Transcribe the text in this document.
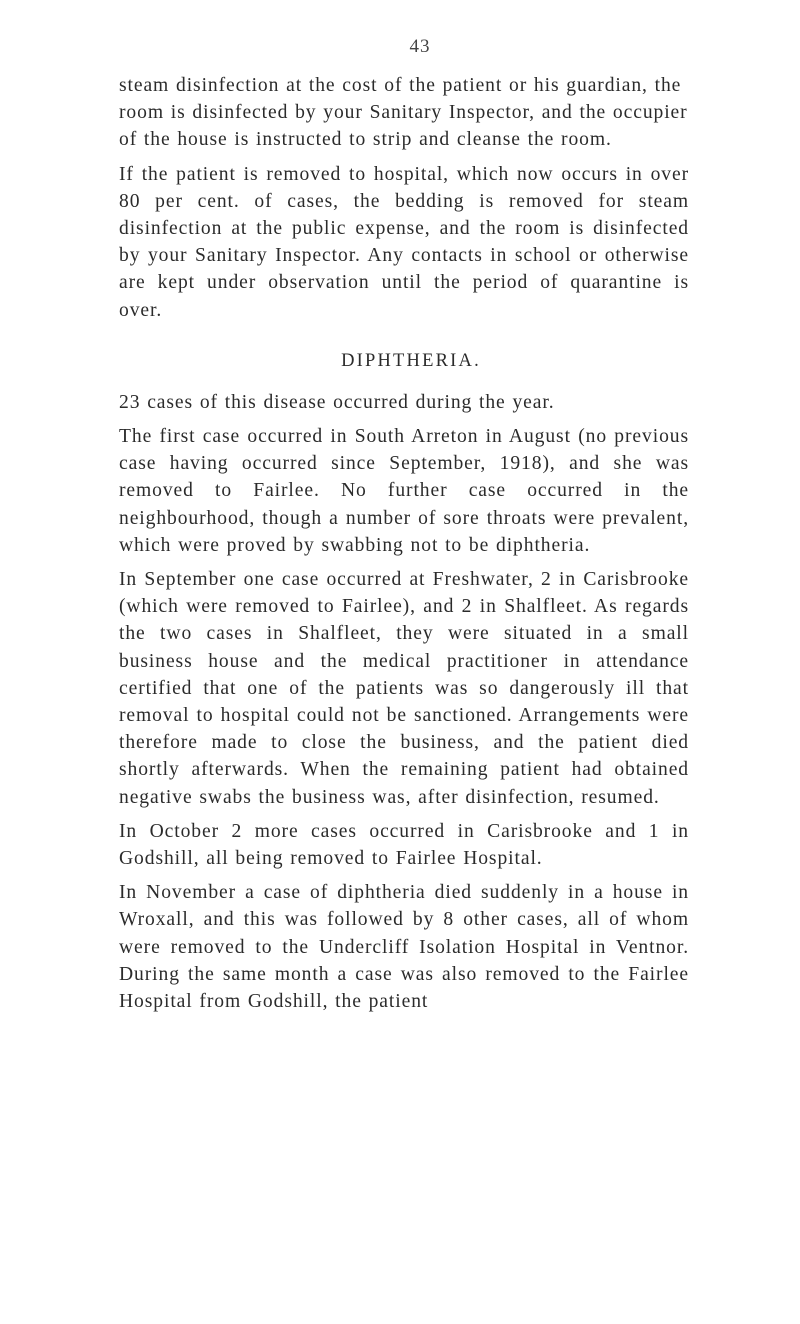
43

steam disinfection at the cost of the patient or his guardian, the room is disinfected by your Sanitary Inspector, and the occupier of the house is instructed to strip and cleanse the room.

If the patient is removed to hospital, which now occurs in over 80 per cent. of cases, the bedding is removed for steam disinfection at the public expense, and the room is disinfected by your Sanitary Inspector. Any contacts in school or otherwise are kept under observation until the period of quarantine is over.

DIPHTHERIA.

23 cases of this disease occurred during the year.

The first case occurred in South Arreton in August (no previous case having occurred since September, 1918), and she was removed to Fairlee. No further case occurred in the neighbourhood, though a number of sore throats were prevalent, which were proved by swabbing not to be diphtheria.

In September one case occurred at Freshwater, 2 in Carisbrooke (which were removed to Fairlee), and 2 in Shalfleet. As regards the two cases in Shalfleet, they were situated in a small business house and the medical practitioner in attendance certified that one of the patients was so dangerously ill that removal to hospital could not be sanctioned. Arrangements were therefore made to close the business, and the patient died shortly afterwards. When the remaining patient had obtained negative swabs the business was, after disinfection, resumed.

In October 2 more cases occurred in Carisbrooke and 1 in Godshill, all being removed to Fairlee Hospital.

In November a case of diphtheria died suddenly in a house in Wroxall, and this was followed by 8 other cases, all of whom were removed to the Undercliff Isolation Hospital in Ventnor. During the same month a case was also removed to the Fairlee Hospital from Godshill, the patient
